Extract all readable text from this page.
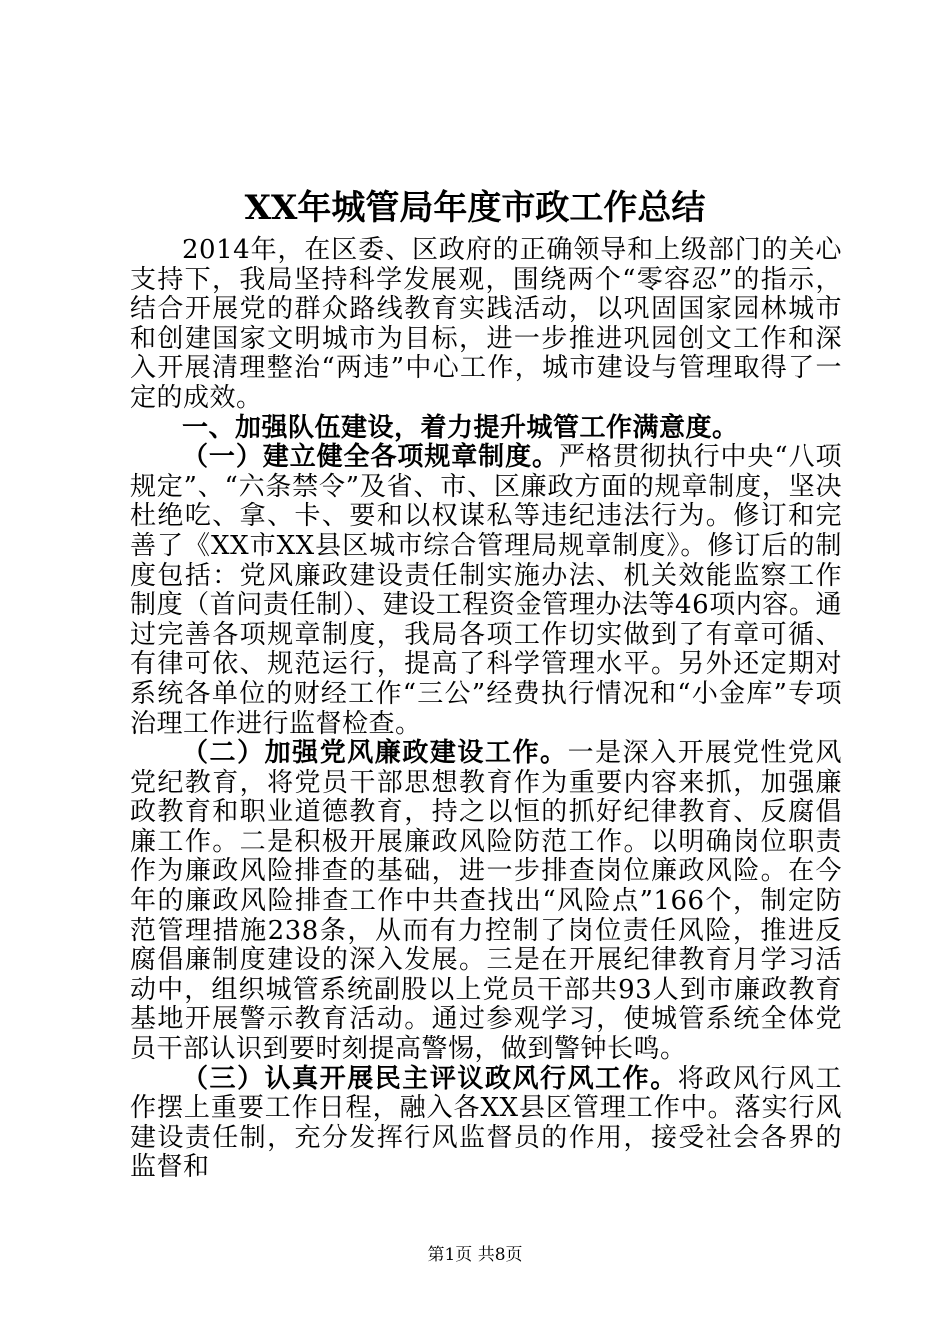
XX年城管局年度市政工作总结

2014年，在区委、区政府的正确领导和上级部门的关心支持下，我局坚持科学发展观，围绕两个“零容忍”的指示，结合开展党的群众路线教育实践活动，以巩固国家园林城市和创建国家文明城市为目标，进一步推进巩园创文工作和深入开展清理整治“两违”中心工作，城市建设与管理取得了一定的成效。

一、加强队伍建设，着力提升城管工作满意度。

（一）建立健全各项规章制度。严格贯彻执行中央“八项规定”、“六条禁令”及省、市、区廉政方面的规章制度，坚决杜绝吃、拿、卡、要和以权谋私等违纪违法行为。修订和完善了《XX市XX县区城市综合管理局规章制度》。修订后的制度包括：党风廉政建设责任制实施办法、机关效能监察工作制度（首问责任制）、建设工程资金管理办法等46项内容。通过完善各项规章制度，我局各项工作切实做到了有章可循、有律可依、规范运行，提高了科学管理水平。另外还定期对系统各单位的财经工作“三公”经费执行情况和“小金库”专项治理工作进行监督检查。

（二）加强党风廉政建设工作。一是深入开展党性党风党纪教育，将党员干部思想教育作为重要内容来抓，加强廉政教育和职业道德教育，持之以恒的抓好纪律教育、反腐倡廉工作。二是积极开展廉政风险防范工作。以明确岗位职责作为廉政风险排查的基础，进一步排查岗位廉政风险。在今年的廉政风险排查工作中共查找出“风险点”166个，制定防范管理措施238条，从而有力控制了岗位责任风险，推进反腐倡廉制度建设的深入发展。三是在开展纪律教育月学习活动中，组织城管系统副股以上党员干部共93人到市廉政教育基地开展警示教育活动。通过参观学习，使城管系统全体党员干部认识到要时刻提高警惕，做到警钟长鸣。

（三）认真开展民主评议政风行风工作。将政风行风工作摆上重要工作日程，融入各XX县区管理工作中。落实行风建设责任制，充分发挥行风监督员的作用，接受社会各界的监督和

第1页 共8页
